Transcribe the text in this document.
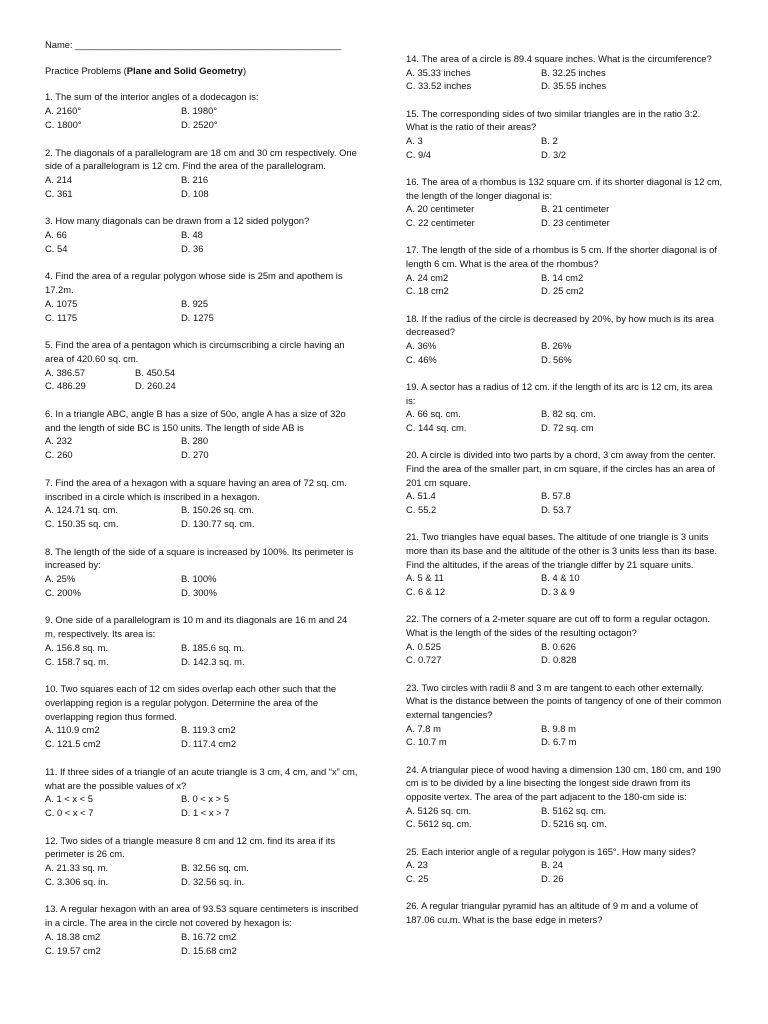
Name: ___________________________________________________
Practice Problems (Plane and Solid Geometry)
1. The sum of the interior angles of a dodecagon is:
A. 2160°	B. 1980°
C. 1800°	D. 2520°
2. The diagonals of a parallelogram are 18 cm and 30 cm respectively. One side of a parallelogram is 12 cm. Find the area of the parallelogram.
A. 214	B. 216
C. 361	D. 108
3. How many diagonals can be drawn from a 12 sided polygon?
A. 66	B. 48
C. 54	D. 36
4. Find the area of a regular polygon whose side is 25m and apothem is 17.2m.
A. 1075	B. 925
C. 1175	D. 1275
5. Find the area of a pentagon which is circumscribing a circle having an area of 420.60 sq. cm.
A. 386.57	B. 450.54
C. 486.29	D. 260.24
6. In a triangle ABC, angle B has a size of 50o, angle A has a size of 32o and the length of side BC is 150 units. The length of side AB is
A. 232	B. 280
C. 260	D. 270
7. Find the area of a hexagon with a square having an area of 72 sq. cm. inscribed in a circle which is inscribed in a hexagon.
A. 124.71 sq. cm.	B. 150.26 sq. cm.
C. 150.35 sq. cm.	D. 130.77 sq. cm.
8. The length of the side of a square is increased by 100%. Its perimeter is increased by:
A. 25%	B. 100%
C. 200%	D. 300%
9. One side of a parallelogram is 10 m and its diagonals are 16 m and 24 m, respectively. Its area is:
A. 156.8 sq. m.	B. 185.6 sq. m.
C. 158.7 sq. m.	D. 142.3 sq. m.
10. Two squares each of 12 cm sides overlap each other such that the overlapping region is a regular polygon. Determine the area of the overlapping region thus formed.
A. 110.9 cm2	B. 119.3 cm2
C. 121.5 cm2	D. 117.4 cm2
11. If three sides of a triangle of an acute triangle is 3 cm, 4 cm, and “x” cm, what are the possible values of x?
A. 1 < x < 5	B. 0 < x > 5
C. 0 < x < 7	D. 1 < x > 7
12. Two sides of a triangle measure 8 cm and 12 cm. find its area if its perimeter is 26 cm.
A. 21.33 sq. m.	B. 32.56 sq. cm.
C. 3.306 sq. in.	D. 32.56 sq. in.
13. A regular hexagon with an area of 93.53 square centimeters is inscribed in a circle. The area in the circle not covered by hexagon is:
A. 18.38 cm2	B. 16.72 cm2
C. 19.57 cm2	D. 15.68 cm2
14. The area of a circle is 89.4 square inches. What is the circumference?
A. 35.33 inches	B. 32.25 inches
C. 33.52 inches	D. 35.55 inches
15. The corresponding sides of two similar triangles are in the ratio 3:2. What is the ratio of their areas?
A. 3	B. 2
C. 9/4	D. 3/2
16. The area of a rhombus is 132 square cm. if its shorter diagonal is 12 cm, the length of the longer diagonal is:
A. 20 centimeter	B. 21 centimeter
C. 22 centimeter	D. 23 centimeter
17. The length of the side of a rhombus is 5 cm. If the shorter diagonal is of length 6 cm. What is the area of the rhombus?
A. 24 cm2	B. 14 cm2
C. 18 cm2	D. 25 cm2
18. If the radius of the circle is decreased by 20%, by how much is its area decreased?
A. 36%	B. 26%
C. 46%	D. 56%
19. A sector has a radius of 12 cm. if the length of its arc is 12 cm, its area is:
A. 66 sq. cm.	B. 82 sq. cm.
C. 144 sq. cm.	D. 72 sq. cm
20. A circle is divided into two parts by a chord, 3 cm away from the center. Find the area of the smaller part, in cm square, if the circles has an area of 201 cm square.
A. 51.4	B. 57.8
C. 55.2	D. 53.7
21. Two triangles have equal bases. The altitude of one triangle is 3 units more than its base and the altitude of the other is 3 units less than its base. Find the altitudes, if the areas of the triangle differ by 21 square units.
A. 5 & 11	B. 4 & 10
C. 6 & 12	D. 3 & 9
22. The corners of a 2-meter square are cut off to form a regular octagon. What is the length of the sides of the resulting octagon?
A. 0.525	B. 0.626
C. 0.727	D. 0.828
23. Two circles with radii 8 and 3 m are tangent to each other externally. What is the distance between the points of tangency of one of their common external tangencies?
A. 7.8 m	B. 9.8 m
C. 10.7 m	D. 6.7 m
24. A triangular piece of wood having a dimension 130 cm, 180 cm, and 190 cm is to be divided by a line bisecting the longest side drawn from its opposite vertex. The area of the part adjacent to the 180-cm side is:
A. 5126 sq. cm.	B. 5162 sq. cm.
C. 5612 sq. cm.	D. 5216 sq. cm.
25. Each interior angle of a regular polygon is 165°. How many sides?
A. 23	B. 24
C. 25	D. 26
26. A regular triangular pyramid has an altitude of 9 m and a volume of 187.06 cu.m. What is the base edge in meters?
